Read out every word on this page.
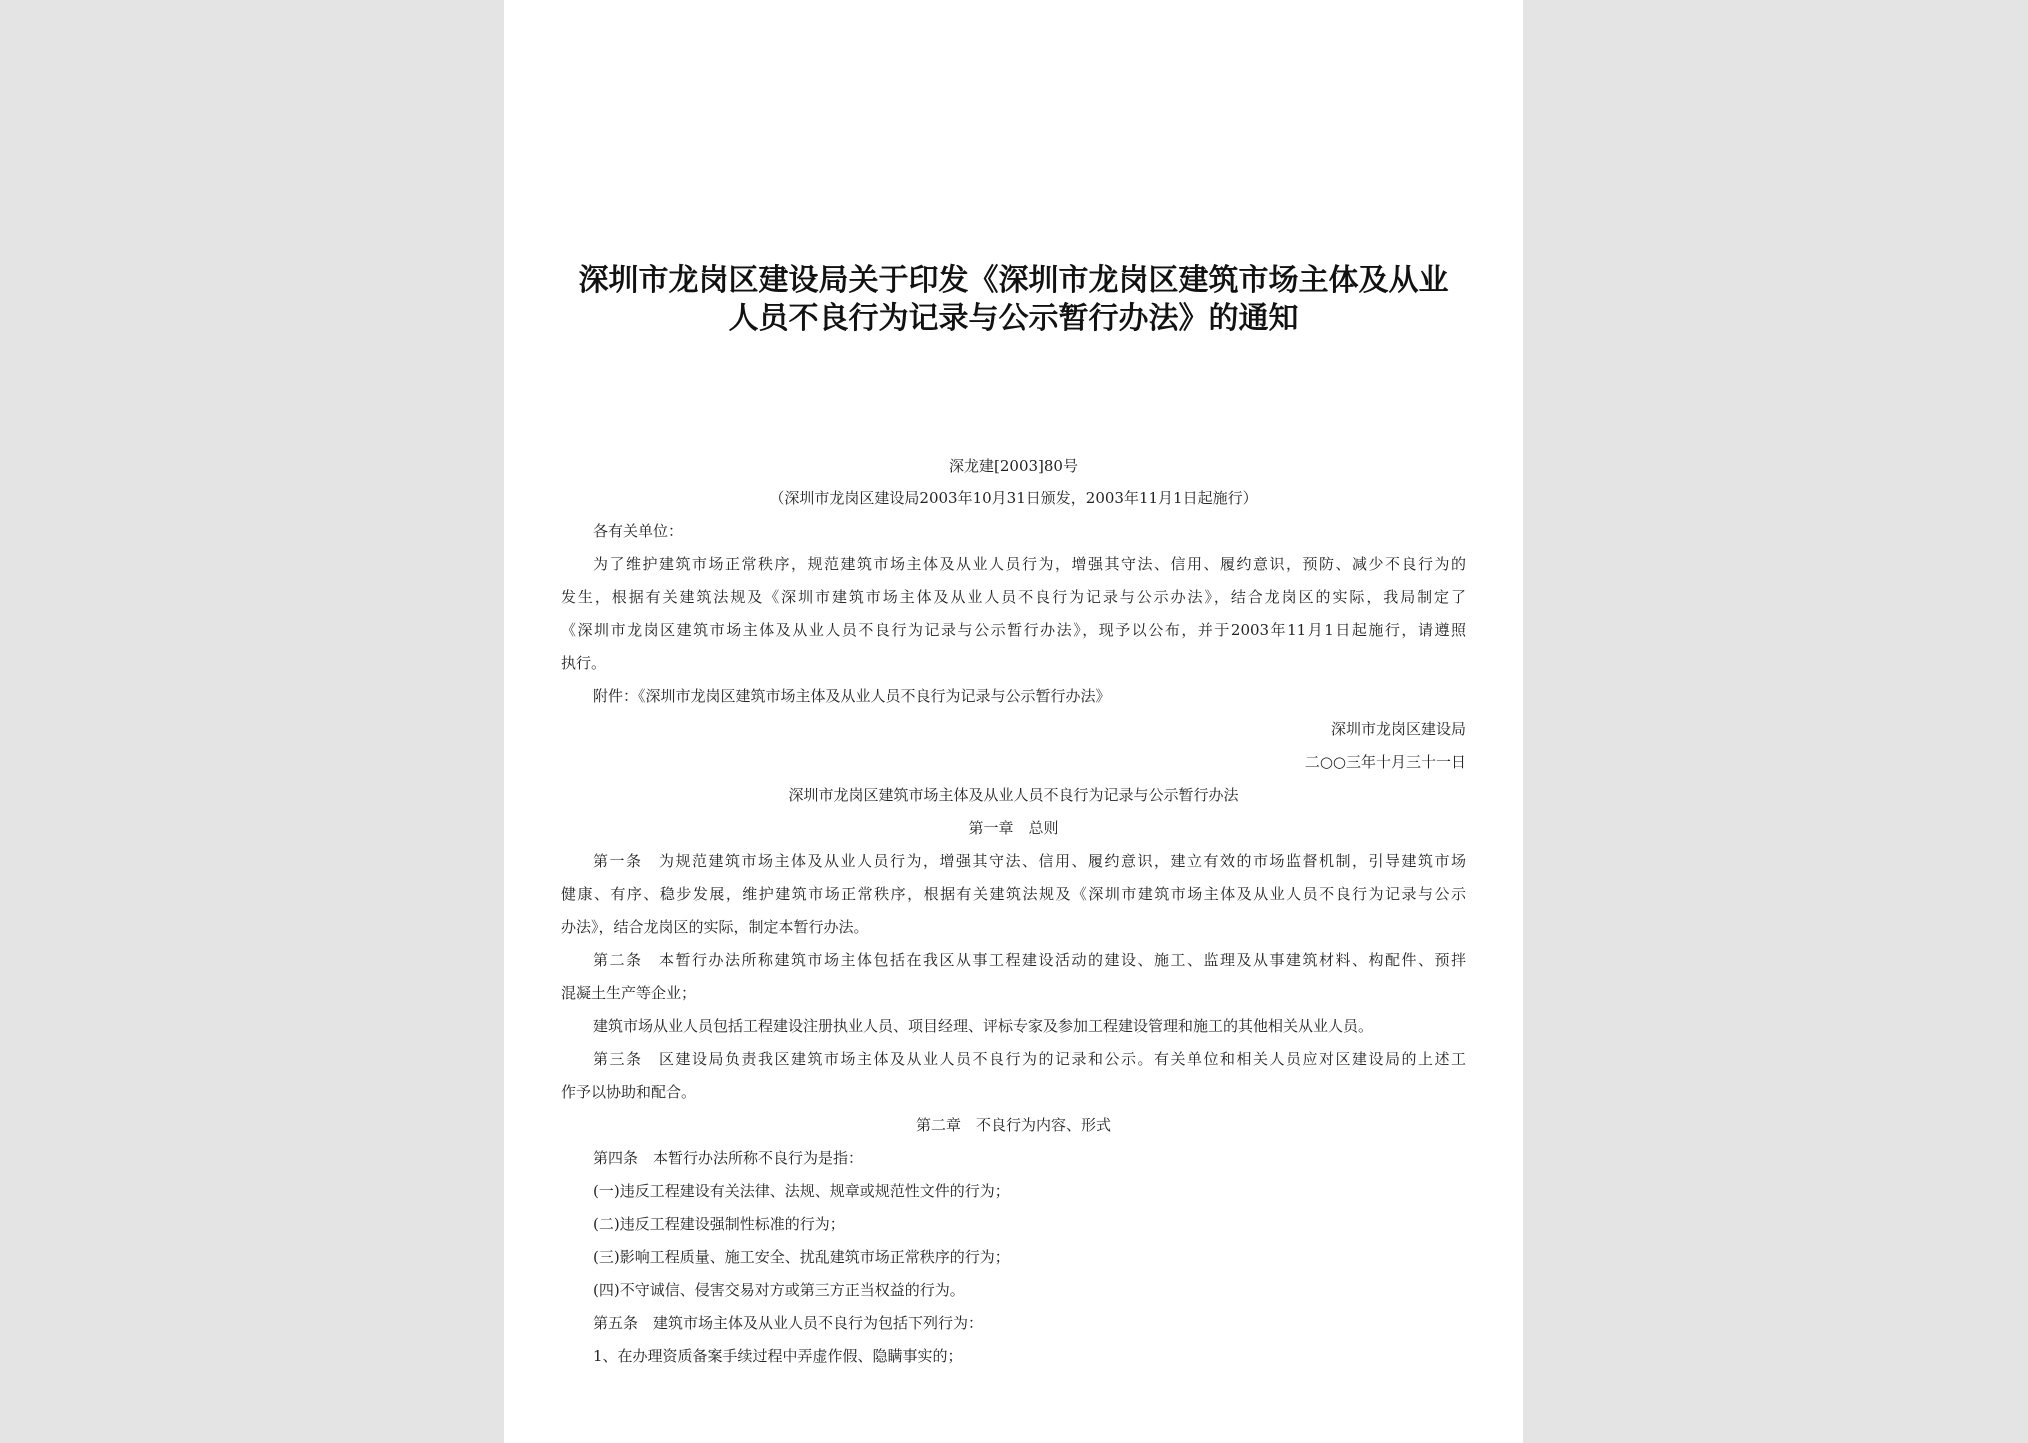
深圳市龙岗区建设局关于印发《深圳市龙岗区建筑市场主体及从业人员不良行为记录与公示暂行办法》的通知
深龙建[2003]80号
（深圳市龙岗区建设局2003年10月31日颁发，2003年11月1日起施行）
各有关单位：
为了维护建筑市场正常秩序，规范建筑市场主体及从业人员行为，增强其守法、信用、履约意识，预防、减少不良行为的
发生，根据有关建筑法规及《深圳市建筑市场主体及从业人员不良行为记录与公示办法》，结合龙岗区的实际，我局制定了
《深圳市龙岗区建筑市场主体及从业人员不良行为记录与公示暂行办法》，现予以公布，并于2003年11月1日起施行，请遵照
执行。
附件：《深圳市龙岗区建筑市场主体及从业人员不良行为记录与公示暂行办法》
深圳市龙岗区建设局
二○○三年十月三十一日
深圳市龙岗区建筑市场主体及从业人员不良行为记录与公示暂行办法
第一章　总则
第一条　为规范建筑市场主体及从业人员行为，增强其守法、信用、履约意识，建立有效的市场监督机制，引导建筑市场
健康、有序、稳步发展，维护建筑市场正常秩序，根据有关建筑法规及《深圳市建筑市场主体及从业人员不良行为记录与公示
办法》，结合龙岗区的实际，制定本暂行办法。
第二条　本暂行办法所称建筑市场主体包括在我区从事工程建设活动的建设、施工、监理及从事建筑材料、构配件、预拌
混凝土生产等企业；
建筑市场从业人员包括工程建设注册执业人员、项目经理、评标专家及参加工程建设管理和施工的其他相关从业人员。
第三条　区建设局负责我区建筑市场主体及从业人员不良行为的记录和公示。有关单位和相关人员应对区建设局的上述工
作予以协助和配合。
第二章　不良行为内容、形式
第四条　本暂行办法所称不良行为是指：
(一)违反工程建设有关法律、法规、规章或规范性文件的行为；
(二)违反工程建设强制性标准的行为；
(三)影响工程质量、施工安全、扰乱建筑市场正常秩序的行为；
(四)不守诚信、侵害交易对方或第三方正当权益的行为。
第五条　建筑市场主体及从业人员不良行为包括下列行为：
1、在办理资质备案手续过程中弄虚作假、隐瞒事实的；
